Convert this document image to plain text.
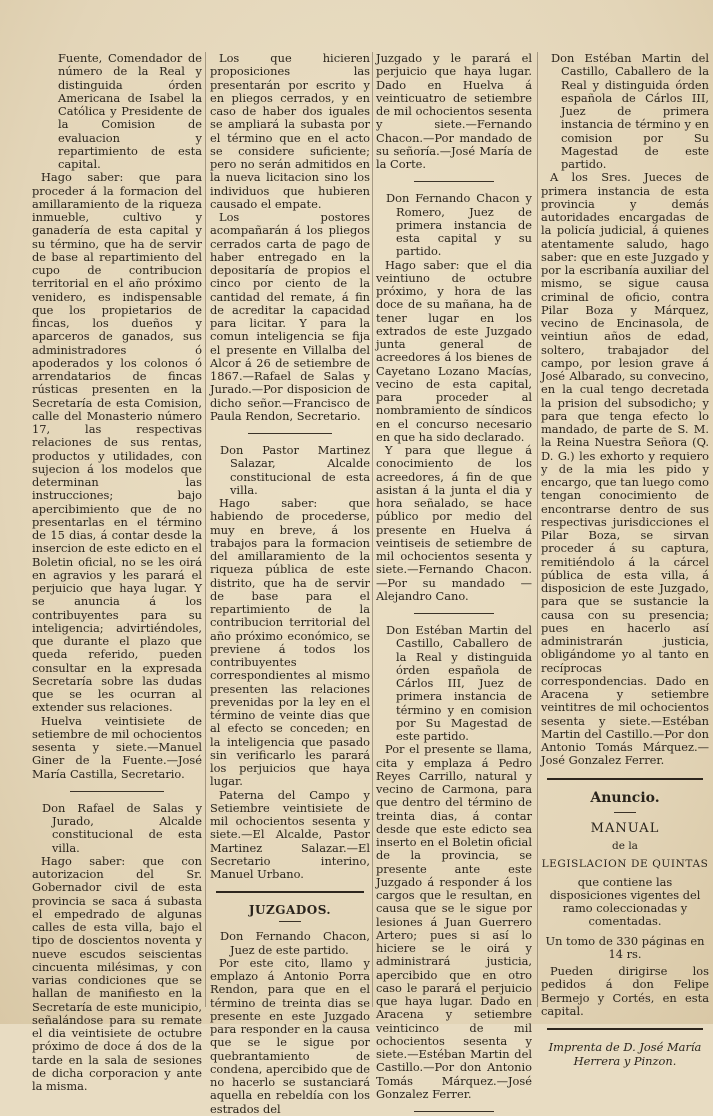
Fuente, Comendador de número de la Real y distinguida órden Americana de Isabel la Católica y Presidente de la Comision de evaluacion y repartimiento de esta capital.

Hago saber: que para proceder á la formacion del amillaramiento de la riqueza inmueble, cultivo y ganadería de esta capital y su término, que ha de servir de base al repartimiento del cupo de contribucion territorial en el año próximo venidero, es indispensable que los propietarios de fincas, los dueños y aparceros de ganados, sus administradores ó apoderados y los colonos ó arrendatarios de fincas rústicas presenten en la Secretaría de esta Comision, calle del Monasterio número 17, las respectivas relaciones de sus rentas, productos y utilidades, con sujecion á los modelos que determinan las instrucciones; bajo apercibimiento que de no presentarlas en el término de 15 dias, á contar desde la insercion de este edicto en el Boletin oficial, no se les oirá en agravios y les parará el perjuicio que haya lugar. Y se anuncia á los contribuyentes para su inteligencia; advirtiéndoles, que durante el plazo que queda referido, pueden consultar en la expresada Secretaría sobre las dudas que se les ocurran al extender sus relaciones.

Huelva veintisiete de setiembre de mil ochocientos sesenta y siete.—Manuel Giner de la Fuente.—José María Castilla, Secretario.

Don Rafael de Salas y Jurado, Alcalde constitucional de esta villa.

Hago saber: que con autorizacion del Sr. Gobernador civil de esta provincia se saca á subasta el empedrado de algunas calles de esta villa, bajo el tipo de doscientos noventa y nueve escudos seiscientas cincuenta milésimas, y con varias condiciones que se hallan de manifiesto en la Secretaría de este municipio, señalándose para su remate el dia veintisiete de octubre próximo de doce á dos de la tarde en la sala de sesiones de dicha corporacion y ante la misma.

Los que hicieren proposiciones las presentarán por escrito y en pliegos cerrados, y en caso de haber dos iguales se ampliará la subasta por el término que en el acto se considere suficiente; pero no serán admitidos en la nueva licitacion sino los individuos que hubieren causado el empate.

Los postores acompañarán á los pliegos cerrados carta de pago de haber entregado en la depositaría de propios el cinco por ciento de la cantidad del remate, á fin de acreditar la capacidad para licitar. Y para la comun inteligencia se fija el presente en Villalba del Alcor á 26 de setiembre de 1867.—Rafael de Salas y Jurado.—Por disposicion de dicho señor.—Francisco de Paula Rendon, Secretario.

Don Pastor Martinez Salazar, Alcalde constitucional de esta villa.

Hago saber: que habiendo de procederse, muy en breve, á los trabajos para la formacion del amillaramiento de la riqueza pública de este distrito, que ha de servir de base para el repartimiento de la contribucion territorial del año próximo económico, se previene á todos los contribuyentes correspondientes al mismo presenten las relaciones prevenidas por la ley en el término de veinte dias que al efecto se conceden; en la inteligencia que pasado sin verificarlo les parará los perjuicios que haya lugar.

Paterna del Campo y Setiembre veintisiete de mil ochocientos sesenta y siete.—El Alcalde, Pastor Martinez Salazar.—El Secretario interino, Manuel Urbano.

JUZGADOS.

Don Fernando Chacon, Juez de este partido.

Por este cito, llamo y emplazo á Antonio Porra Rendon, para que en el término de treinta dias se presente en este Juzgado para responder en la causa que se le sigue por quebrantamiento de condena, apercibido que de no hacerlo se sustanciará aquella en rebeldía con los estrados del

Juzgado y le parará el perjuicio que haya lugar. Dado en Huelva á veinticuatro de setiembre de mil ochocientos sesenta y siete.—Fernando Chacon.—Por mandado de su señoría.—José María de la Corte.

Don Fernando Chacon y Romero, Juez de primera instancia de esta capital y su partido.

Hago saber: que el dia veintiuno de octubre próximo, y hora de las doce de su mañana, ha de tener lugar en los extrados de este Juzgado junta general de acreedores á los bienes de Cayetano Lozano Macías, vecino de esta capital, para proceder al nombramiento de síndicos en el concurso necesario en que ha sido declarado.

Y para que llegue á conocimiento de los acreedores, á fin de que asistan á la junta el dia y hora señalado, se hace público por medio del presente en Huelva á veintiseis de setiembre de mil ochocientos sesenta y siete.—Fernando Chacon.—Por su mandado — Alejandro Cano.

Don Estéban Martin del Castillo, Caballero de la Real y distinguida órden española de Cárlos III, Juez de primera instancia de término y en comision por Su Magestad de este partido.

Por el presente se llama, cita y emplaza á Pedro Reyes Carrillo, natural y vecino de Carmona, para que dentro del término de treinta dias, á contar desde que este edicto sea inserto en el Boletin oficial de la provincia, se presente ante este Juzgado á responder á los cargos que le resultan, en causa que se le sigue por lesiones á Juan Guerrero Artero; pues si así lo hiciere se le oirá y administrará justicia, apercibido que en otro caso le parará el perjuicio que haya lugar. Dado en Aracena y setiembre veinticinco de mil ochocientos sesenta y siete.—Estéban Martin del Castillo.—Por don Antonio Tomás Márquez.—José Gonzalez Ferrer.

Don Estéban Martin del Castillo, Caballero de la Real y distinguida órden española de Cárlos III, Juez de primera instancia de término y en comision por Su Magestad de este partido.

A los Sres. Jueces de primera instancia de esta provincia y demás autoridades encargadas de la policía judicial, á quienes atentamente saludo, hago saber: que en este Juzgado y por la escribanía auxiliar del mismo, se sigue causa criminal de oficio, contra Pilar Boza y Márquez, vecino de Encinasola, de veintiun años de edad, soltero, trabajador del campo, por lesion grave á José Albarado, su convecino, en la cual tengo decretada la prision del subsodicho; y para que tenga efecto lo mandado, de parte de S. M. la Reina Nuestra Señora (Q. D. G.) les exhorto y requiero y de la mia les pido y encargo, que tan luego como tengan conocimiento de encontrarse dentro de sus respectivas jurisdicciones el Pilar Boza, se sirvan proceder á su captura, remitiéndolo á la cárcel pública de esta villa, á disposicion de este Juzgado, para que se sustancie la causa con su presencia; pues en hacerlo así administrarán justicia, obligándome yo al tanto en recíprocas correspondencias. Dado en Aracena y setiembre veintitres de mil ochocientos sesenta y siete.—Estéban Martin del Castillo.—Por don Antonio Tomás Márquez.—José Gonzalez Ferrer.

Anuncio.
MANUAL
de la
LEGISLACION DE QUINTAS

que contiene las disposiciones vigentes del ramo coleccionadas y comentadas.

Un tomo de 330 páginas en 14 rs.

Pueden dirigirse los pedidos á don Felipe Bermejo y Cortés, en esta capital.

Imprenta de D. José María Herrera y Pinzon.
